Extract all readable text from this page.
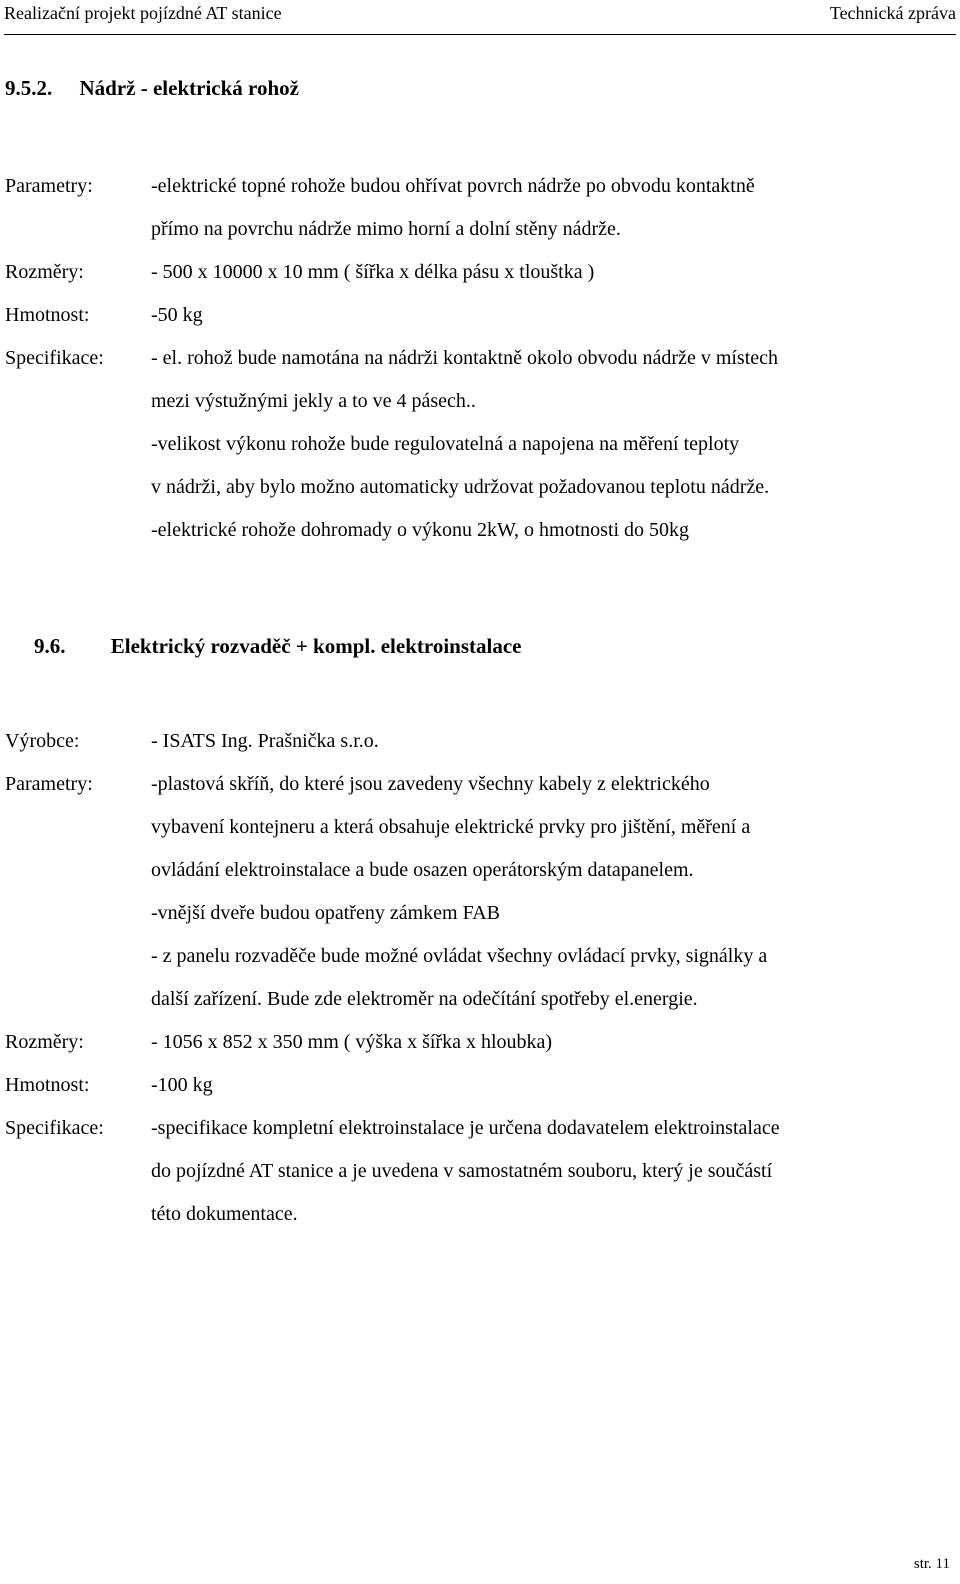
Realizační projekt pojízdné AT stanice	Technická zpráva
9.5.2. Nádrž - elektrická rohož
Parametry:	-elektrické topné rohože budou ohřívat povrch nádrže po obvodu kontaktně
přímo na povrchu nádrže mimo horní a dolní stěny nádrže.
Rozměry:	- 500 x 10000 x 10 mm ( šířka x délka pásu x tlouštka )
Hmotnost:	-50 kg
Specifikace: - el. rohož bude namotána na nádrži kontaktně okolo obvodu nádrže v místech
mezi výstužnými jekly a to ve 4 pásech..
-velikost výkonu rohože bude regulovatelná a napojena na měření teploty
v nádrži, aby bylo možno automaticky udržovat požadovanou teplotu nádrže.
-elektrické rohože dohromady o výkonu 2kW, o hmotnosti do 50kg
9.6. Elektrický rozvaděč + kompl. elektroinstalace
Výrobce:	- ISATS Ing. Prašnička s.r.o.
Parametry:	-plastová skříň, do které jsou zavedeny všechny kabely z elektrického
vybavení kontejneru a která obsahuje elektrické prvky pro jištění, měření a
ovládání elektroinstalace a bude osazen operátorským datapanelem.
-vnější dveře budou opatřeny zámkem FAB
- z panelu rozvaděče bude možné ovládat všechny ovládací prvky, signálky a
další zařízení. Bude zde elektroměr na odečítání spotřeby el.energie.
Rozměry:	- 1056 x 852 x 350 mm ( výška x šířka x hloubka)
Hmotnost:	-100 kg
Specifikace: -specifikace kompletní elektroinstalace je určena dodavatelem elektroinstalace
do pojízdné AT stanice a je uvedena v samostatném souboru, který je součástí
této dokumentace.
str. 11
